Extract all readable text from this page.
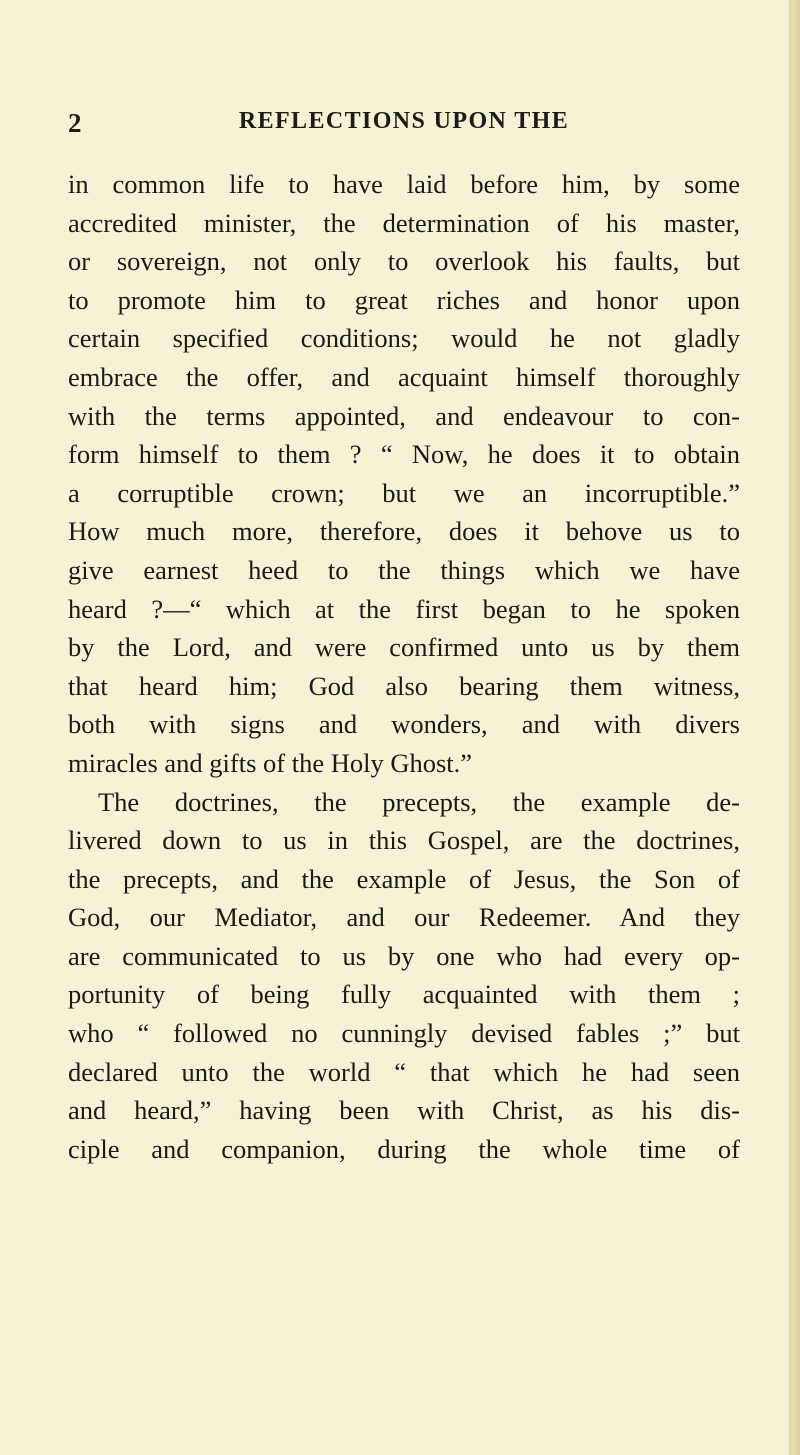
2	REFLECTIONS UPON THE
in common life to have laid before him, by some
accredited minister, the determination of his master,
or sovereign, not only to overlook his faults, but
to promote him to great riches and honor upon
certain specified conditions; would he not gladly
embrace the offer, and acquaint himself thoroughly
with the terms appointed, and endeavour to con-
form himself to them ? “ Now, he does it to obtain
a corruptible crown; but we an incorruptible.”
How much more, therefore, does it behove us to
give earnest heed to the things which we have
heard ?—“ which at the first began to he spoken
by the Lord, and were confirmed unto us by them
that heard him; God also bearing them witness,
both with signs and wonders, and with divers
miracles and gifts of the Holy Ghost.”
The doctrines, the precepts, the example de-
livered down to us in this Gospel, are the doctrines,
the precepts, and the example of Jesus, the Son of
God, our Mediator, and our Redeemer. And they
are communicated to us by one who had every op-
portunity of being fully acquainted with them ;
who “ followed no cunningly devised fables ;” but
declared unto the world “ that which he had seen
and heard,” having been with Christ, as his dis-
ciple and companion, during the whole time of
